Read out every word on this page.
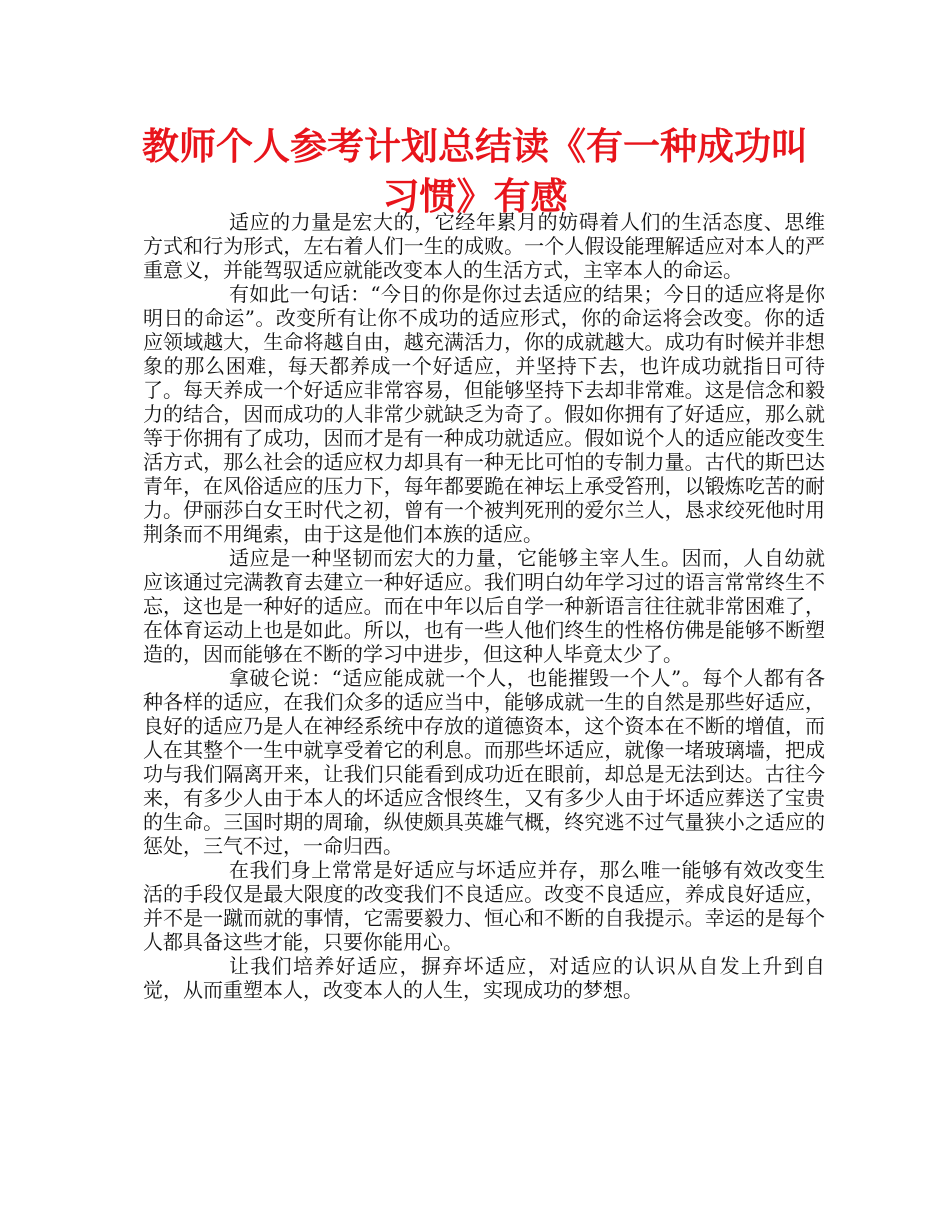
教师个人参考计划总结读《有一种成功叫习惯》有感

适应的力量是宏大的，它经年累月的妨碍着人们的生活态度、思维方式和行为形式，左右着人们一生的成败。一个人假设能理解适应对本人的严重意义，并能驾驭适应就能改变本人的生活方式，主宰本人的命运。

有如此一句话：“今日的你是你过去适应的结果；今日的适应将是你明日的命运”。改变所有让你不成功的适应形式，你的命运将会改变。你的适应领域越大，生命将越自由，越充满活力，你的成就越大。成功有时候并非想象的那么困难，每天都养成一个好适应，并坚持下去，也许成功就指日可待了。每天养成一个好适应非常容易，但能够坚持下去却非常难。这是信念和毅力的结合，因而成功的人非常少就缺乏为奇了。假如你拥有了好适应，那么就等于你拥有了成功，因而才是有一种成功就适应。假如说个人的适应能改变生活方式，那么社会的适应权力却具有一种无比可怕的专制力量。古代的斯巴达青年，在风俗适应的压力下，每年都要跪在神坛上承受笞刑，以锻炼吃苦的耐力。伊丽莎白女王时代之初，曾有一个被判死刑的爱尔兰人，恳求绞死他时用荆条而不用绳索，由于这是他们本族的适应。

适应是一种坚韧而宏大的力量，它能够主宰人生。因而，人自幼就应该通过完满教育去建立一种好适应。我们明白幼年学习过的语言常常终生不忘，这也是一种好的适应。而在中年以后自学一种新语言往往就非常困难了，在体育运动上也是如此。所以，也有一些人他们终生的性格仿佛是能够不断塑造的，因而能够在不断的学习中进步，但这种人毕竟太少了。

拿破仑说：“适应能成就一个人，也能摧毁一个人”。每个人都有各种各样的适应，在我们众多的适应当中，能够成就一生的自然是那些好适应，良好的适应乃是人在神经系统中存放的道德资本，这个资本在不断的增值，而人在其整个一生中就享受着它的利息。而那些坏适应，就像一堵玻璃墙，把成功与我们隔离开来，让我们只能看到成功近在眼前，却总是无法到达。古往今来，有多少人由于本人的坏适应含恨终生，又有多少人由于坏适应葬送了宝贵的生命。三国时期的周瑜，纵使颇具英雄气概，终究逃不过气量狭小之适应的惩处，三气不过，一命归西。

在我们身上常常是好适应与坏适应并存，那么唯一能够有效改变生活的手段仅是最大限度的改变我们不良适应。改变不良适应，养成良好适应，并不是一蹴而就的事情，它需要毅力、恒心和不断的自我提示。幸运的是每个人都具备这些才能，只要你能用心。

让我们培养好适应，摒弃坏适应，对适应的认识从自发上升到自觉，从而重塑本人，改变本人的人生，实现成功的梦想。
